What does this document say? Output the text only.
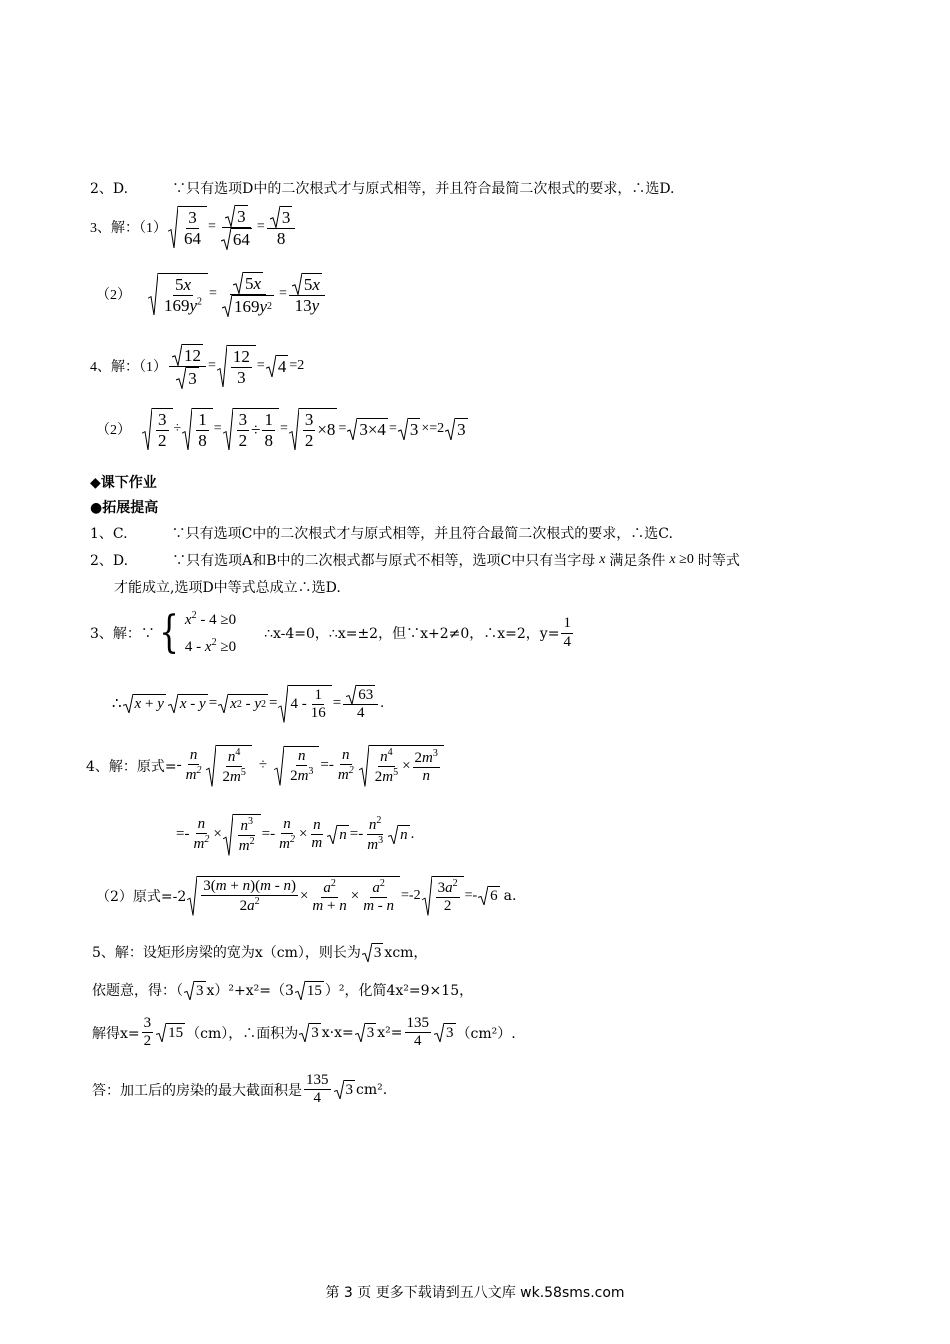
2、D.	∵只有选项D中的二次根式才与原式相等，并且符合最简二次根式的要求，∴选D.
3、解：$(1) \frac{3}{64} = \frac{3}{64} = \frac{3}{8}$
$(2) \frac{5x}{169y^2} = \frac{5 x}{169 y 2} = \frac{5 x}{13y}$
4、解：$(1) \frac{12}{3} = \frac{12}{3} = 4 =2$
$(2) \frac{3}{2} \div \frac{1}{8} = \frac{3}{2} \div \frac{1}{8} = \frac{3}{2} \times 8 = 3\times 4 = 3 \times=2$ 3
◆课下作业
●拓展提高
1、C.	∵只有选项C中的二次根式才与原式相等，并且符合最简二次根式的要求，∴选C.
2、D.	∵只有选项A和B中的二次根式都与原式不相等，选项C中只有当字母 x 满足条件 x ≥0 时等式
才能成立,选项D中等式总成立∴选D.
3、解：∵ { $x^2 - 4 \ge 0$
$4 - x^2 \ge 0$
∴x-4=0，∴x=±2，但∵x+2≠0，∴x=2，$y= \frac{1}{4}$
∴ x + y x - y = x 2 - y $2 = 4 - \frac{1}{16} = \frac{63}{4}$ .
4、解：原式= - $\frac{n}{m^2} \frac{n^4}{2m^5} \div \frac{n}{2m^3} =- \frac{n}{m^2} \frac{n^4}{2m^5} \times \frac{2m^3}{n}$
=- $\frac{n}{m^2} \times \frac{n^3}{m^2} =- \frac{n}{m^2} \times \frac{n}{m}$ $n =- \frac{n^2}{m^3}$ n .
（2）原式$=-2 \frac{3(m + n)(m - n)}{2a^2} \times \frac{a^2}{m + n} \times \frac{a^2}{m - n} =-2 \frac{3a^2}{2} =- 6$ a.
5、解：设矩形房梁的宽为x（cm），则长为 3 xcm，
依题意，得：（ 3 x）²+x²=（3 15 ）²，化简4x²=9×15，
解得$x= \frac{3}{2} 15$ （cm），∴面积为 3 x·x= 3 $x^2= \frac{135}{4} 3$ （cm²）.
答：加工后的房染的最大截面积是 $\frac{135}{4} 3$ cm².
第 3 页 更多下载请到五八文库 wk.58sms.com
